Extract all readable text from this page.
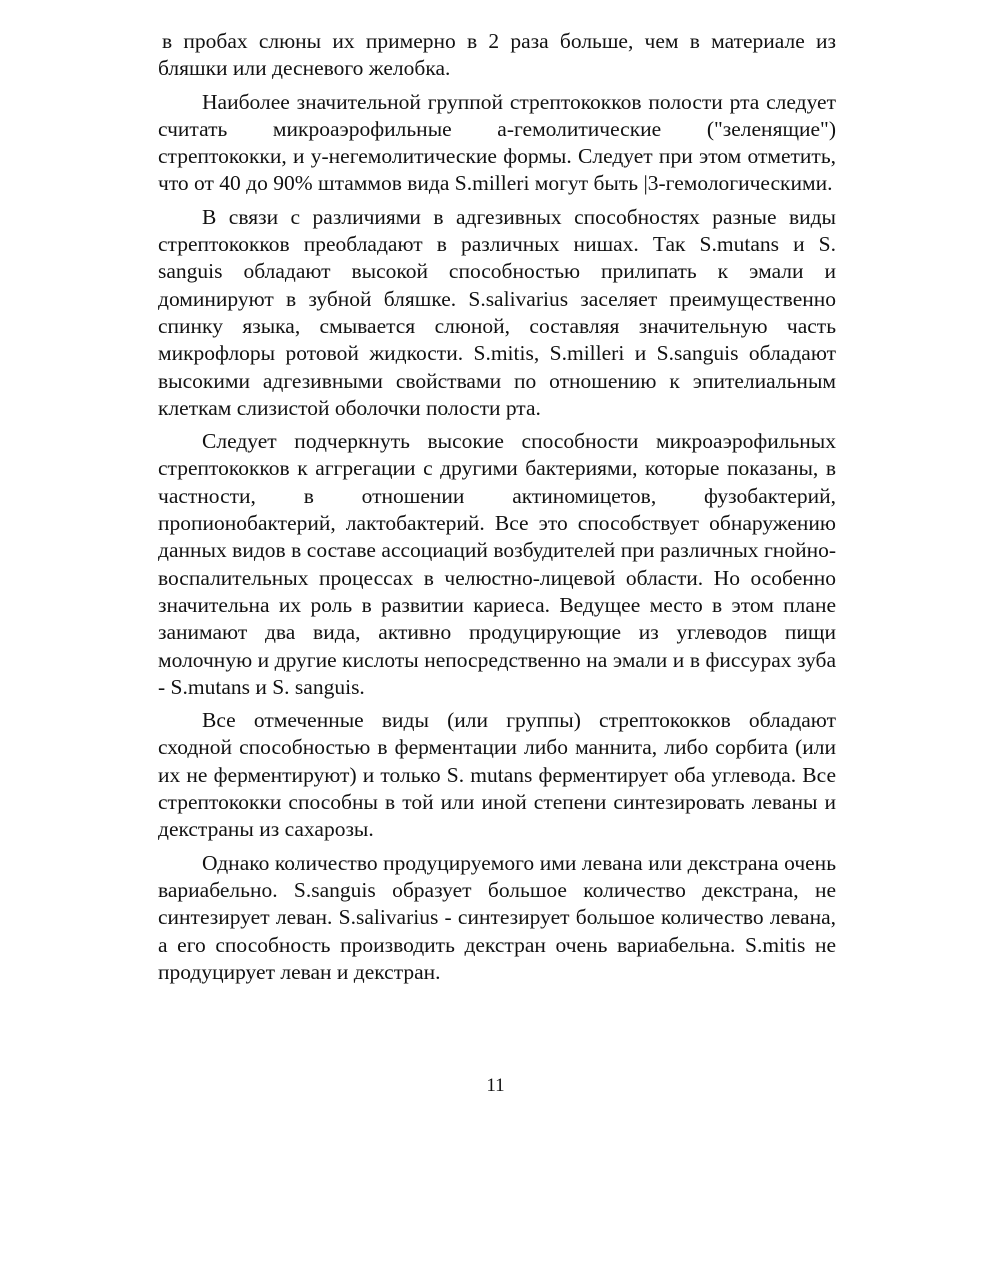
в пробах слюны их примерно в 2 раза больше, чем в материале из бляшки или десневого желобка.

Наиболее значительной группой стрептококков полости рта следует считать микроаэрофильные а-гемолитические ("зеленящие") стрептококки, и у-негемолитические формы. Следует при этом отметить, что от 40 до 90% штаммов вида S.milleri могут быть |3-гемологическими.

В связи с различиями в адгезивных способностях разные виды стрептококков преобладают в различных нишах. Так S.mutans и S. sanguis обладают высокой способностью прилипать к эмали и доминируют в зубной бляшке. S.salivarius заселяет преимущественно спинку языка, смывается слюной, составляя значительную часть микрофлоры ротовой жидкости. S.mitis, S.milleri и S.sanguis обладают высокими адгезивными свойствами по отношению к эпителиальным клеткам слизистой оболочки полости рта.

Следует подчеркнуть высокие способности микроаэрофильных стрептококков к аггрегации с другими бактериями, которые показаны, в частности, в отношении актиномицетов, фузобактерий, пропионобактерий, лактобактерий. Все это способствует обнаружению данных видов в составе ассоциаций возбудителей при различных гнойно-воспалительных процессах в челюстно-лицевой области. Но особенно значительна их роль в развитии кариеса. Ведущее место в этом плане занимают два вида, активно продуцирующие из углеводов пищи молочную и другие кислоты непосредственно на эмали и в фиссурах зуба - S.mutans и S. sanguis.

Все отмеченные виды (или группы) стрептококков обладают сходной способностью в ферментации либо маннита, либо сорбита (или их не ферментируют) и только S. mutans ферментирует оба углевода. Все стрептококки способны в той или иной степени синтезировать леваны и декстраны из сахарозы.

Однако количество продуцируемого ими левана или декстрана очень вариабельно. S.sanguis образует большое количество декстрана, не синтезирует леван. S.salivarius - синтезирует большое количество левана, а его способность производить декстран очень вариабельна. S.mitis не продуцирует леван и декстран.

11
